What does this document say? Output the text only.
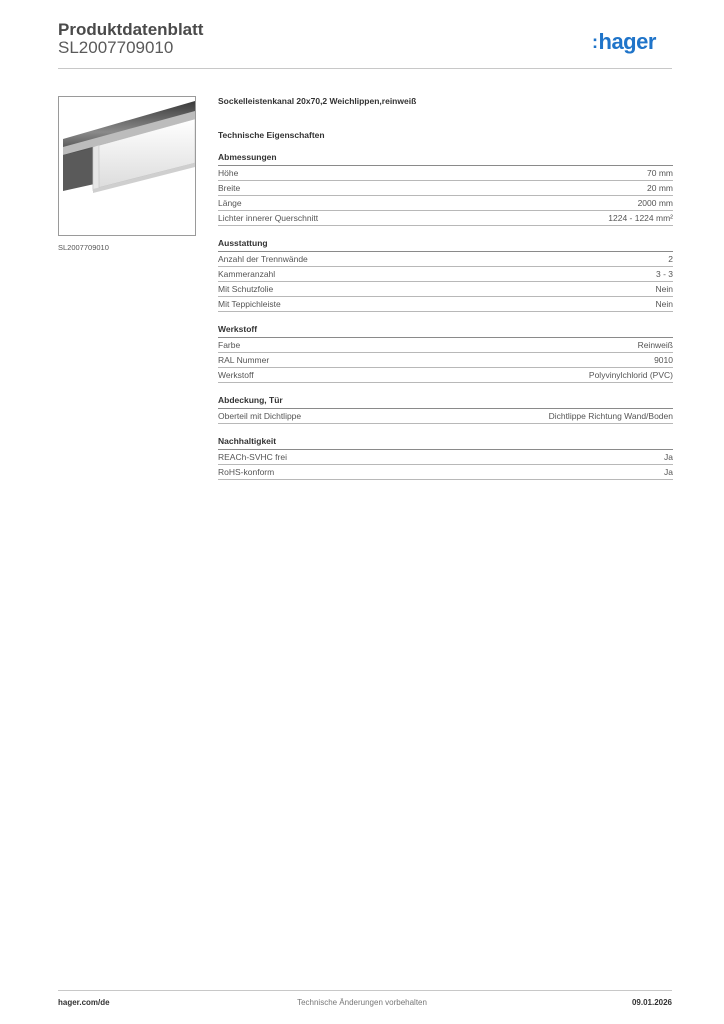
Produktdatenblatt
SL2007709010	:hager
SL2007709010
Sockelleistenkanal 20x70,2 Weichlippen,reinweiß
Technische Eigenschaften
Abmessungen
Höhe	70 mm
Breite	20 mm
Länge	2000 mm
Lichter innerer Querschnitt	1224 - 1224 mm²
Ausstattung
Anzahl der Trennwände	2
Kammeranzahl	3 - 3
Mit Schutzfolie	Nein
Mit Teppichleiste	Nein
Werkstoff
Farbe	Reinweiß
RAL Nummer	9010
Werkstoff	Polyvinylchlorid (PVC)
Abdeckung, Tür
Oberteil mit Dichtlippe	Dichtlippe Richtung Wand/Boden
Nachhaltigkeit
REACh-SVHC frei	Ja
RoHS-konform	Ja
hager.com/de	Technische Änderungen vorbehalten	09.01.2026
